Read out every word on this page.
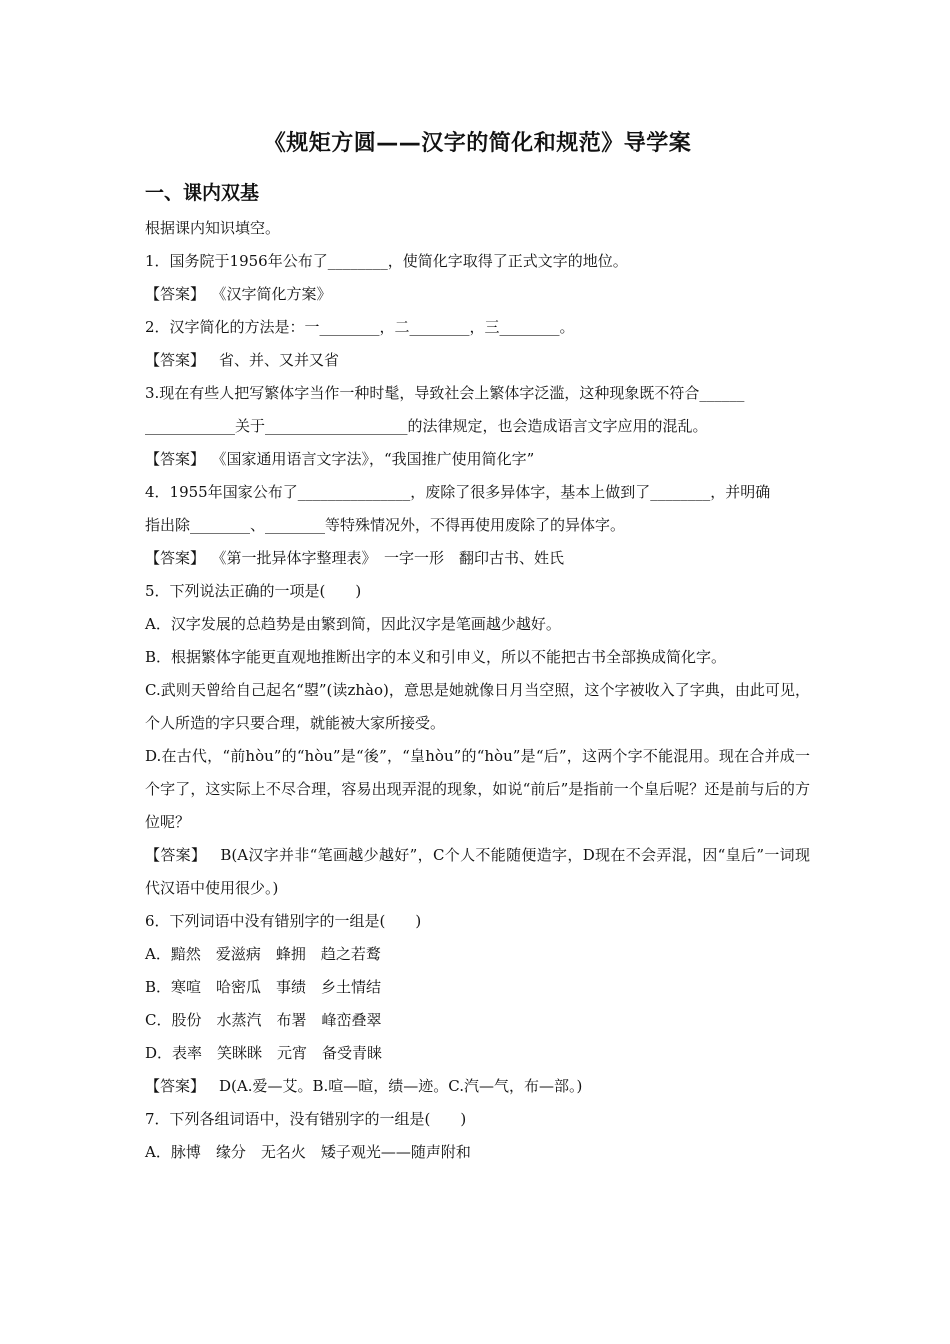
《规矩方圆——汉字的简化和规范》导学案
一、课内双基
根据课内知识填空。
1．国务院于1956年公布了________，使简化字取得了正式文字的地位。
【答案】 《汉字简化方案》
2．汉字简化的方法是：一________，二________，三________。
【答案】 省、并、又并又省
3.现在有些人把写繁体字当作一种时髦，导致社会上繁体字泛滥，这种现象既不符合______
____________关于___________________的法律规定，也会造成语言文字应用的混乱。
【答案】 《国家通用语言文字法》，“我国推广使用简化字”
4．1955年国家公布了_______________，废除了很多异体字，基本上做到了________，并明确
指出除________、________等特殊情况外，不得再使用废除了的异体字。
【答案】 《第一批异体字整理表》　一字一形　翻印古书、姓氏
5．下列说法正确的一项是(　　)
A．汉字发展的总趋势是由繁到简，因此汉字是笔画越少越好。
B．根据繁体字能更直观地推断出字的本义和引申义，所以不能把古书全部换成简化字。
C.武则天曾给自己起名“曌”(读zhào)，意思是她就像日月当空照，这个字被收入了字典，由此可见，个人所造的字只要合理，就能被大家所接受。
D.在古代，“前hòu”的“hòu”是“後”，“皇hòu”的“hòu”是“后”，这两个字不能混用。现在合并成一个字了，这实际上不尽合理，容易出现弄混的现象，如说“前后”是指前一个皇后呢？还是前与后的方位呢？
【答案】 B(A汉字并非“笔画越少越好”，C个人不能随便造字，D现在不会弄混，因“皇后”一词现代汉语中使用很少。)
6．下列词语中没有错别字的一组是(　　)
A．黯然　爱滋病　蜂拥　趋之若鹜
B．寒喧　哈密瓜　事绩　乡土情结
C．股份　水蒸汽　布署　峰峦叠翠
D．表率　笑眯眯　元宵　备受青睐
【答案】 D(A.爱—艾。B.喧—暄，绩—迹。C.汽—气，布—部。)
7．下列各组词语中，没有错别字的一组是(　　)
A．脉博　缘分　无名火　矮子观光——随声附和
